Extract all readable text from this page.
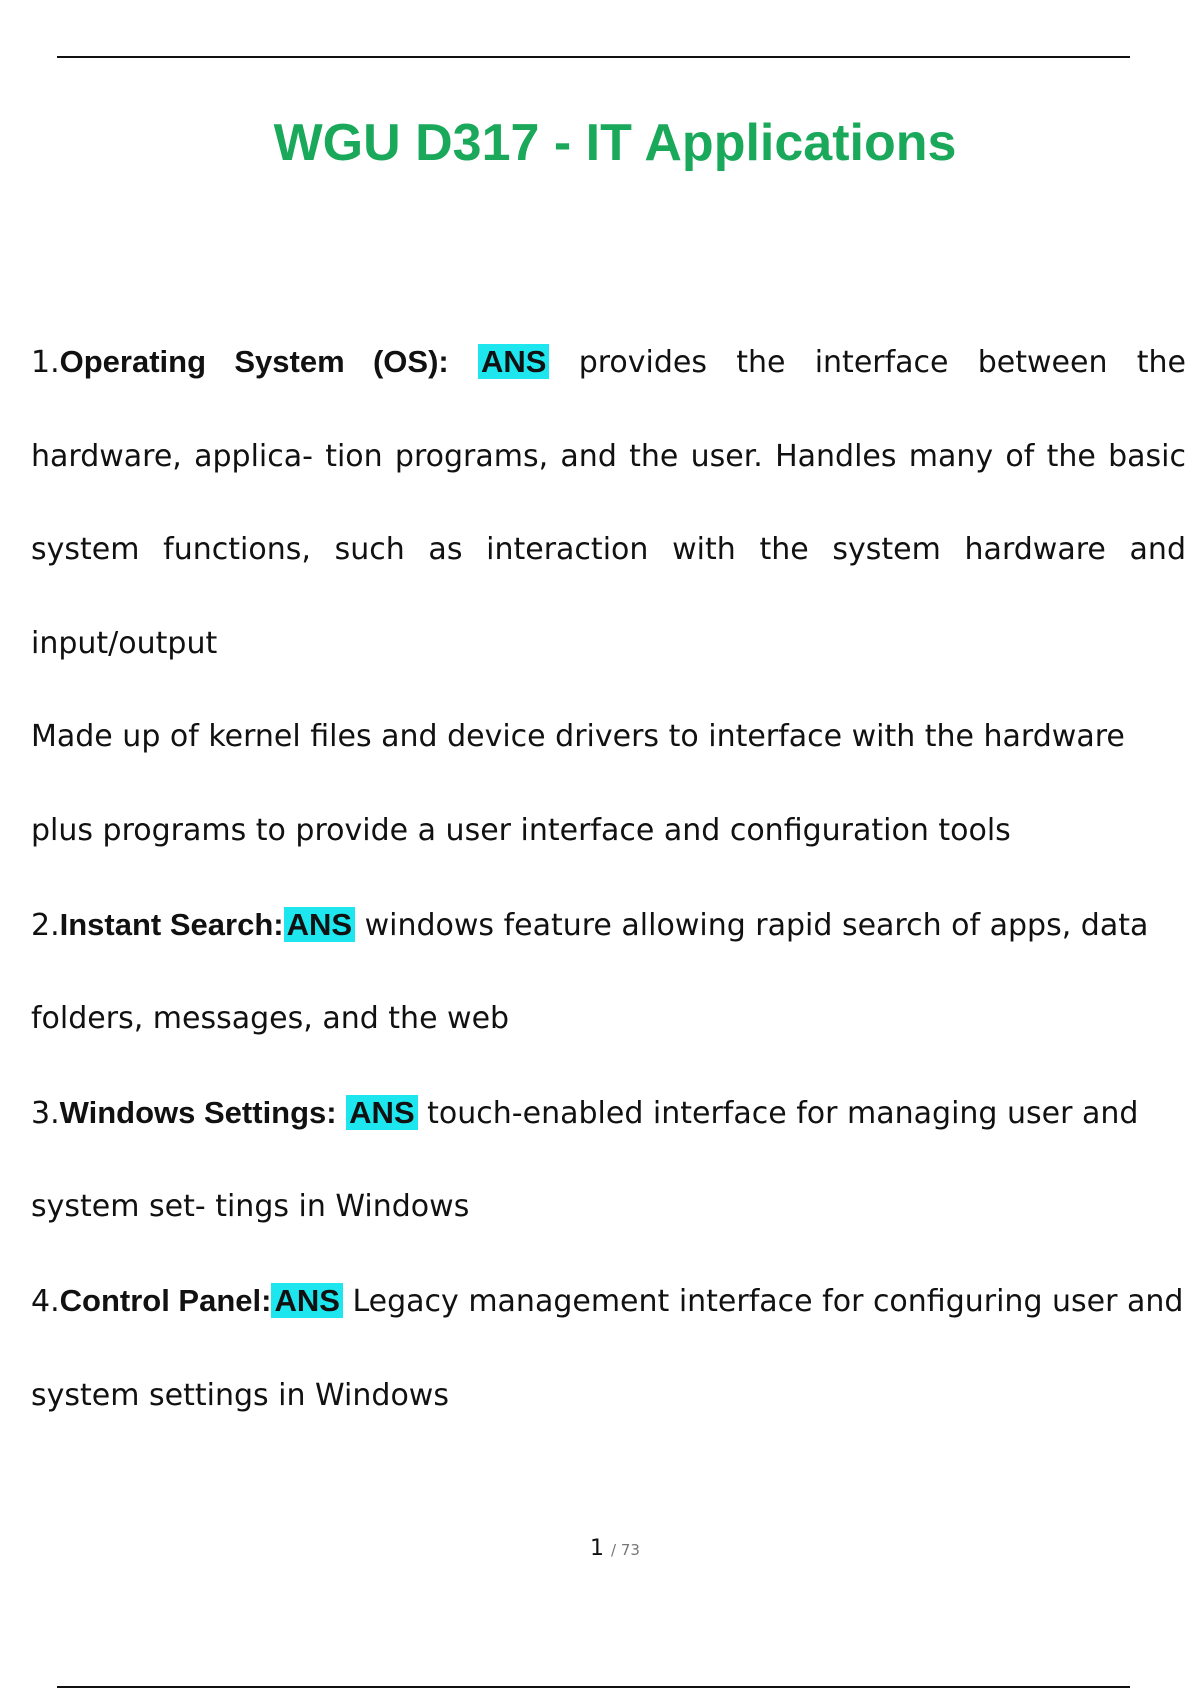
WGU D317 - IT Applications

1.Operating System (OS): ANS provides the interface between the hardware, applica- tion programs, and the user. Handles many of the basic system functions, such as interaction with the system hardware and input/output

Made up of kernel files and device drivers to interface with the hardware plus programs to provide a user interface and configuration tools

2.Instant Search:ANS windows feature allowing rapid search of apps, data folders, messages, and the web

3.Windows Settings: ANS touch-enabled interface for managing user and system set- tings in Windows

4.Control Panel:ANS Legacy management interface for configuring user and system settings in Windows

1 / 73
